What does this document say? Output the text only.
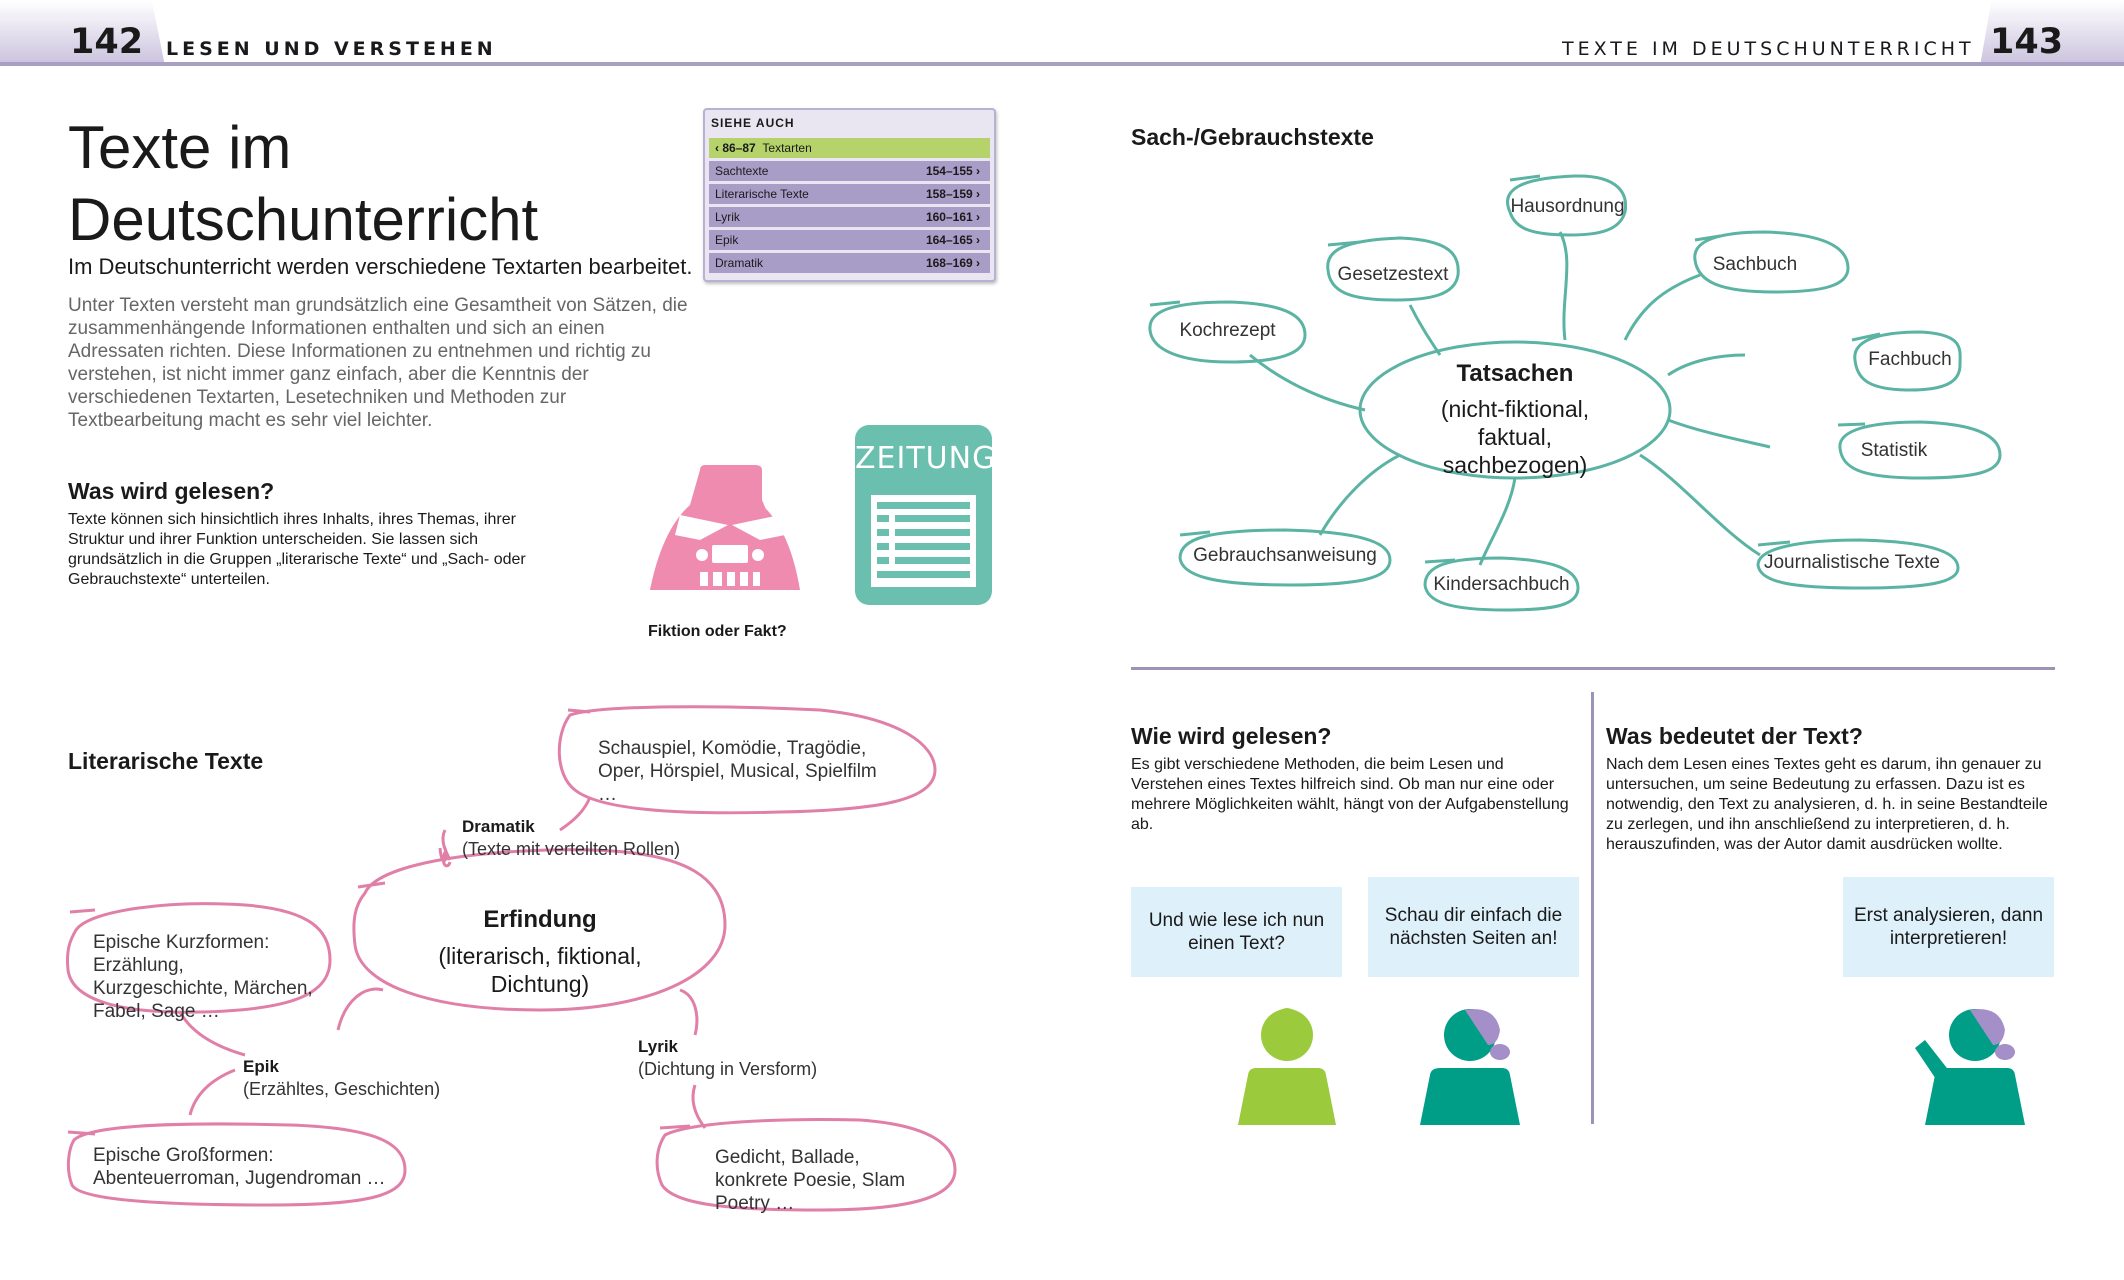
142 LESEN UND VERSTEHEN	TEXTE IM DEUTSCHUNTERRICHT 143
Texte im
Deutschunterricht
Im Deutschunterricht werden verschiedene Textarten bearbeitet.
Unter Texten versteht man grundsätzlich eine Gesamtheit von Sätzen, die zusammenhängende Informationen enthalten und sich an einen Adressaten richten. Diese Informationen zu entnehmen und richtig zu verstehen, ist nicht immer ganz einfach, aber die Kenntnis der verschiedenen Textarten, Lesetechniken und Methoden zur Textbearbeitung macht es sehr viel leichter.
SIEHE AUCH
‹ 86–87 Textarten
Sachtexte	154–155 ›
Literarische Texte	158–159 ›
Lyrik	160–161 ›
Epik	164–165 ›
Dramatik	168–169 ›
Was wird gelesen?
Texte können sich hinsichtlich ihres Inhalts, ihres Themas, ihrer Struktur und ihrer Funktion unterscheiden. Sie lassen sich grundsätzlich in die Gruppen „literarische Texte“ und „Sach- oder Gebrauchstexte“ unterteilen.
ZEITUNG
Fiktion oder Fakt?
Literarische Texte	Schauspiel, Komödie, Tragödie, Oper, Hörspiel, Musical, Spielfilm …
Dramatik
(Texte mit verteilten Rollen)
Erfindung
(literarisch, fiktional, Dichtung)
Epische Kurzformen: Erzählung, Kurzgeschichte, Märchen, Fabel, Sage …
Epik
(Erzähltes, Geschichten)
Epische Großformen: Abenteuerroman, Jugendroman …
Lyrik
(Dichtung in Versform)
Gedicht, Ballade, konkrete Poesie, Slam Poetry …
Sach-/Gebrauchstexte
Hausordnung
Gesetzestext	Sachbuch
Kochrezept
Fachbuch
Statistik
Gebrauchsanweisung
Kindersachbuch
Journalistische Texte
Tatsachen
(nicht-fiktional, faktual, sachbezogen)
Wie wird gelesen?
Es gibt verschiedene Methoden, die beim Lesen und Verstehen eines Textes hilfreich sind. Ob man nur eine oder mehrere Möglichkeiten wählt, hängt von der Aufgabenstellung ab.
Und wie lese ich nun einen Text?
Schau dir einfach die nächsten Seiten an!
Was bedeutet der Text?
Nach dem Lesen eines Textes geht es darum, ihn genauer zu untersuchen, um seine Bedeutung zu erfassen. Dazu ist es notwendig, den Text zu analysieren, d. h. in seine Bestandteile zu zerlegen, und ihn anschließend zu interpretieren, d. h. herauszufinden, was der Autor damit ausdrücken wollte.
Erst analysieren, dann interpretieren!
